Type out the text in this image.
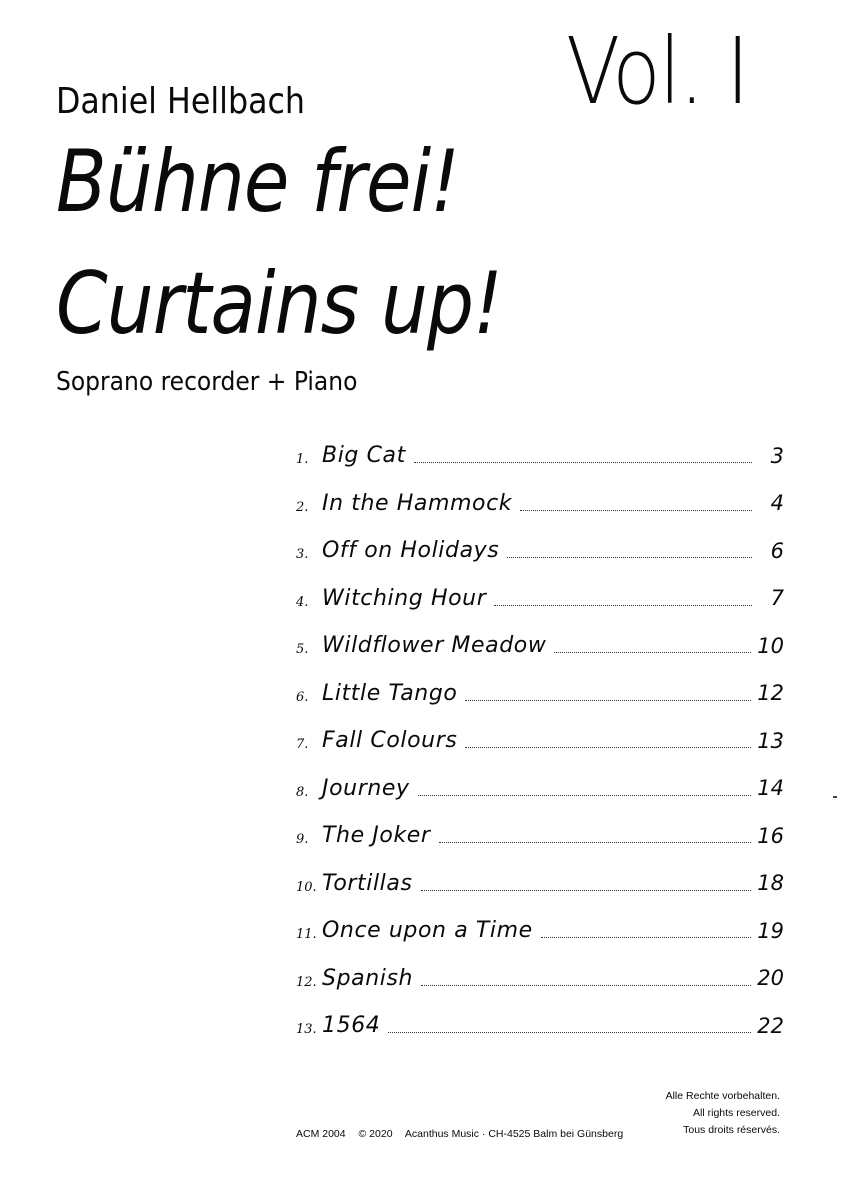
Vol. I
Daniel Hellbach
Bühne frei!
Curtains up!
Soprano recorder + Piano
1. Big Cat	3
2. In the Hammock	4
3. Off on Holidays	6
4. Witching Hour	7
5. Wildflower Meadow	10
6. Little Tango	12
7. Fall Colours	13
8. Journey	14
9. The Joker	16
10. Tortillas	18
11. Once upon a Time	19
12. Spanish	20
13. 1564	22
Alle Rechte vorbehalten.
All rights reserved.
Tous droits réservés.
ACM 2004 © 2020 Acanthus Music · CH-4525 Balm bei Günsberg
